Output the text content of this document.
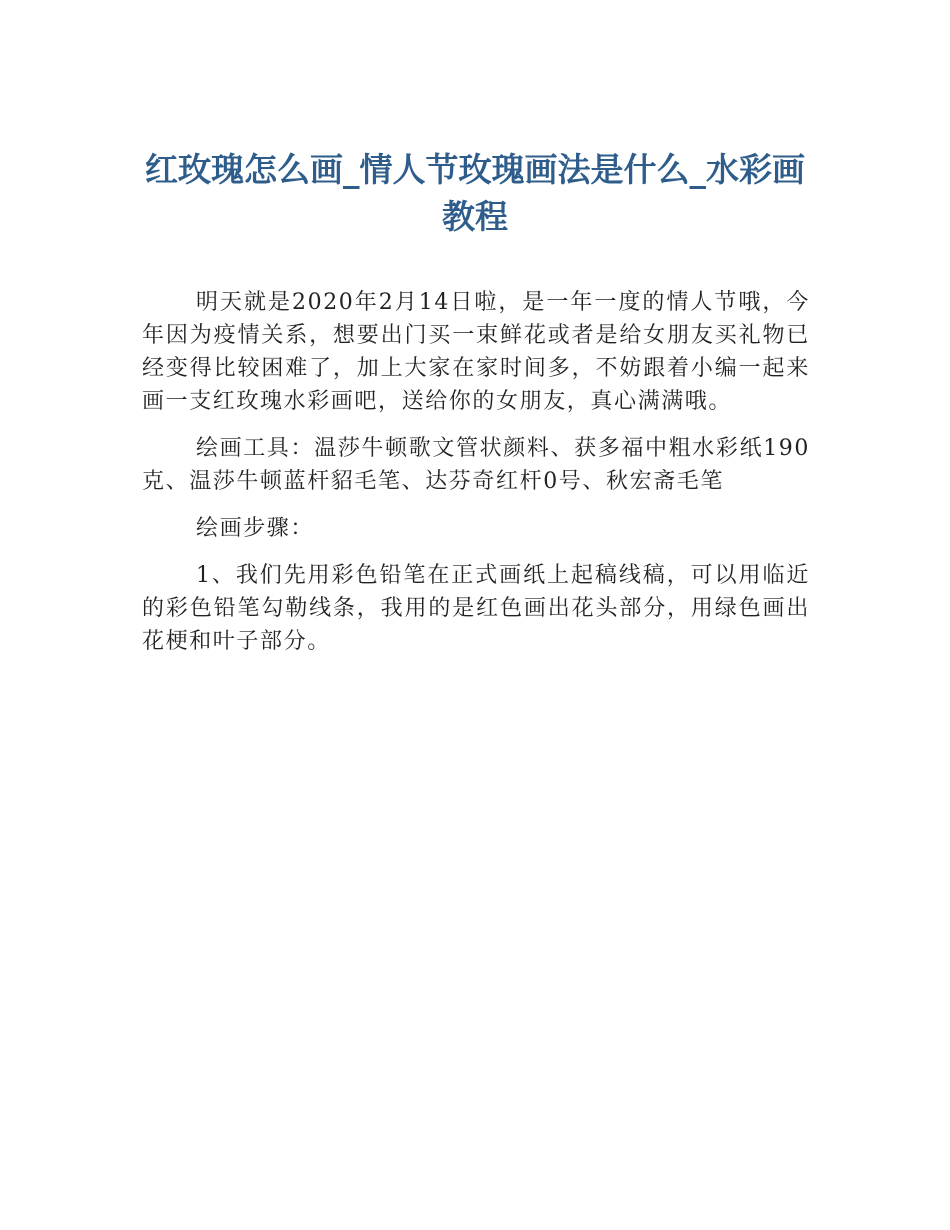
红玫瑰怎么画_情人节玫瑰画法是什么_水彩画教程

明天就是2020年2月14日啦，是一年一度的情人节哦，今年因为疫情关系，想要出门买一束鲜花或者是给女朋友买礼物已经变得比较困难了，加上大家在家时间多，不妨跟着小编一起来画一支红玫瑰水彩画吧，送给你的女朋友，真心满满哦。

绘画工具：温莎牛顿歌文管状颜料、获多福中粗水彩纸190克、温莎牛顿蓝杆貂毛笔、达芬奇红杆0号、秋宏斋毛笔

绘画步骤：

1、我们先用彩色铅笔在正式画纸上起稿线稿，可以用临近的彩色铅笔勾勒线条，我用的是红色画出花头部分，用绿色画出花梗和叶子部分。
